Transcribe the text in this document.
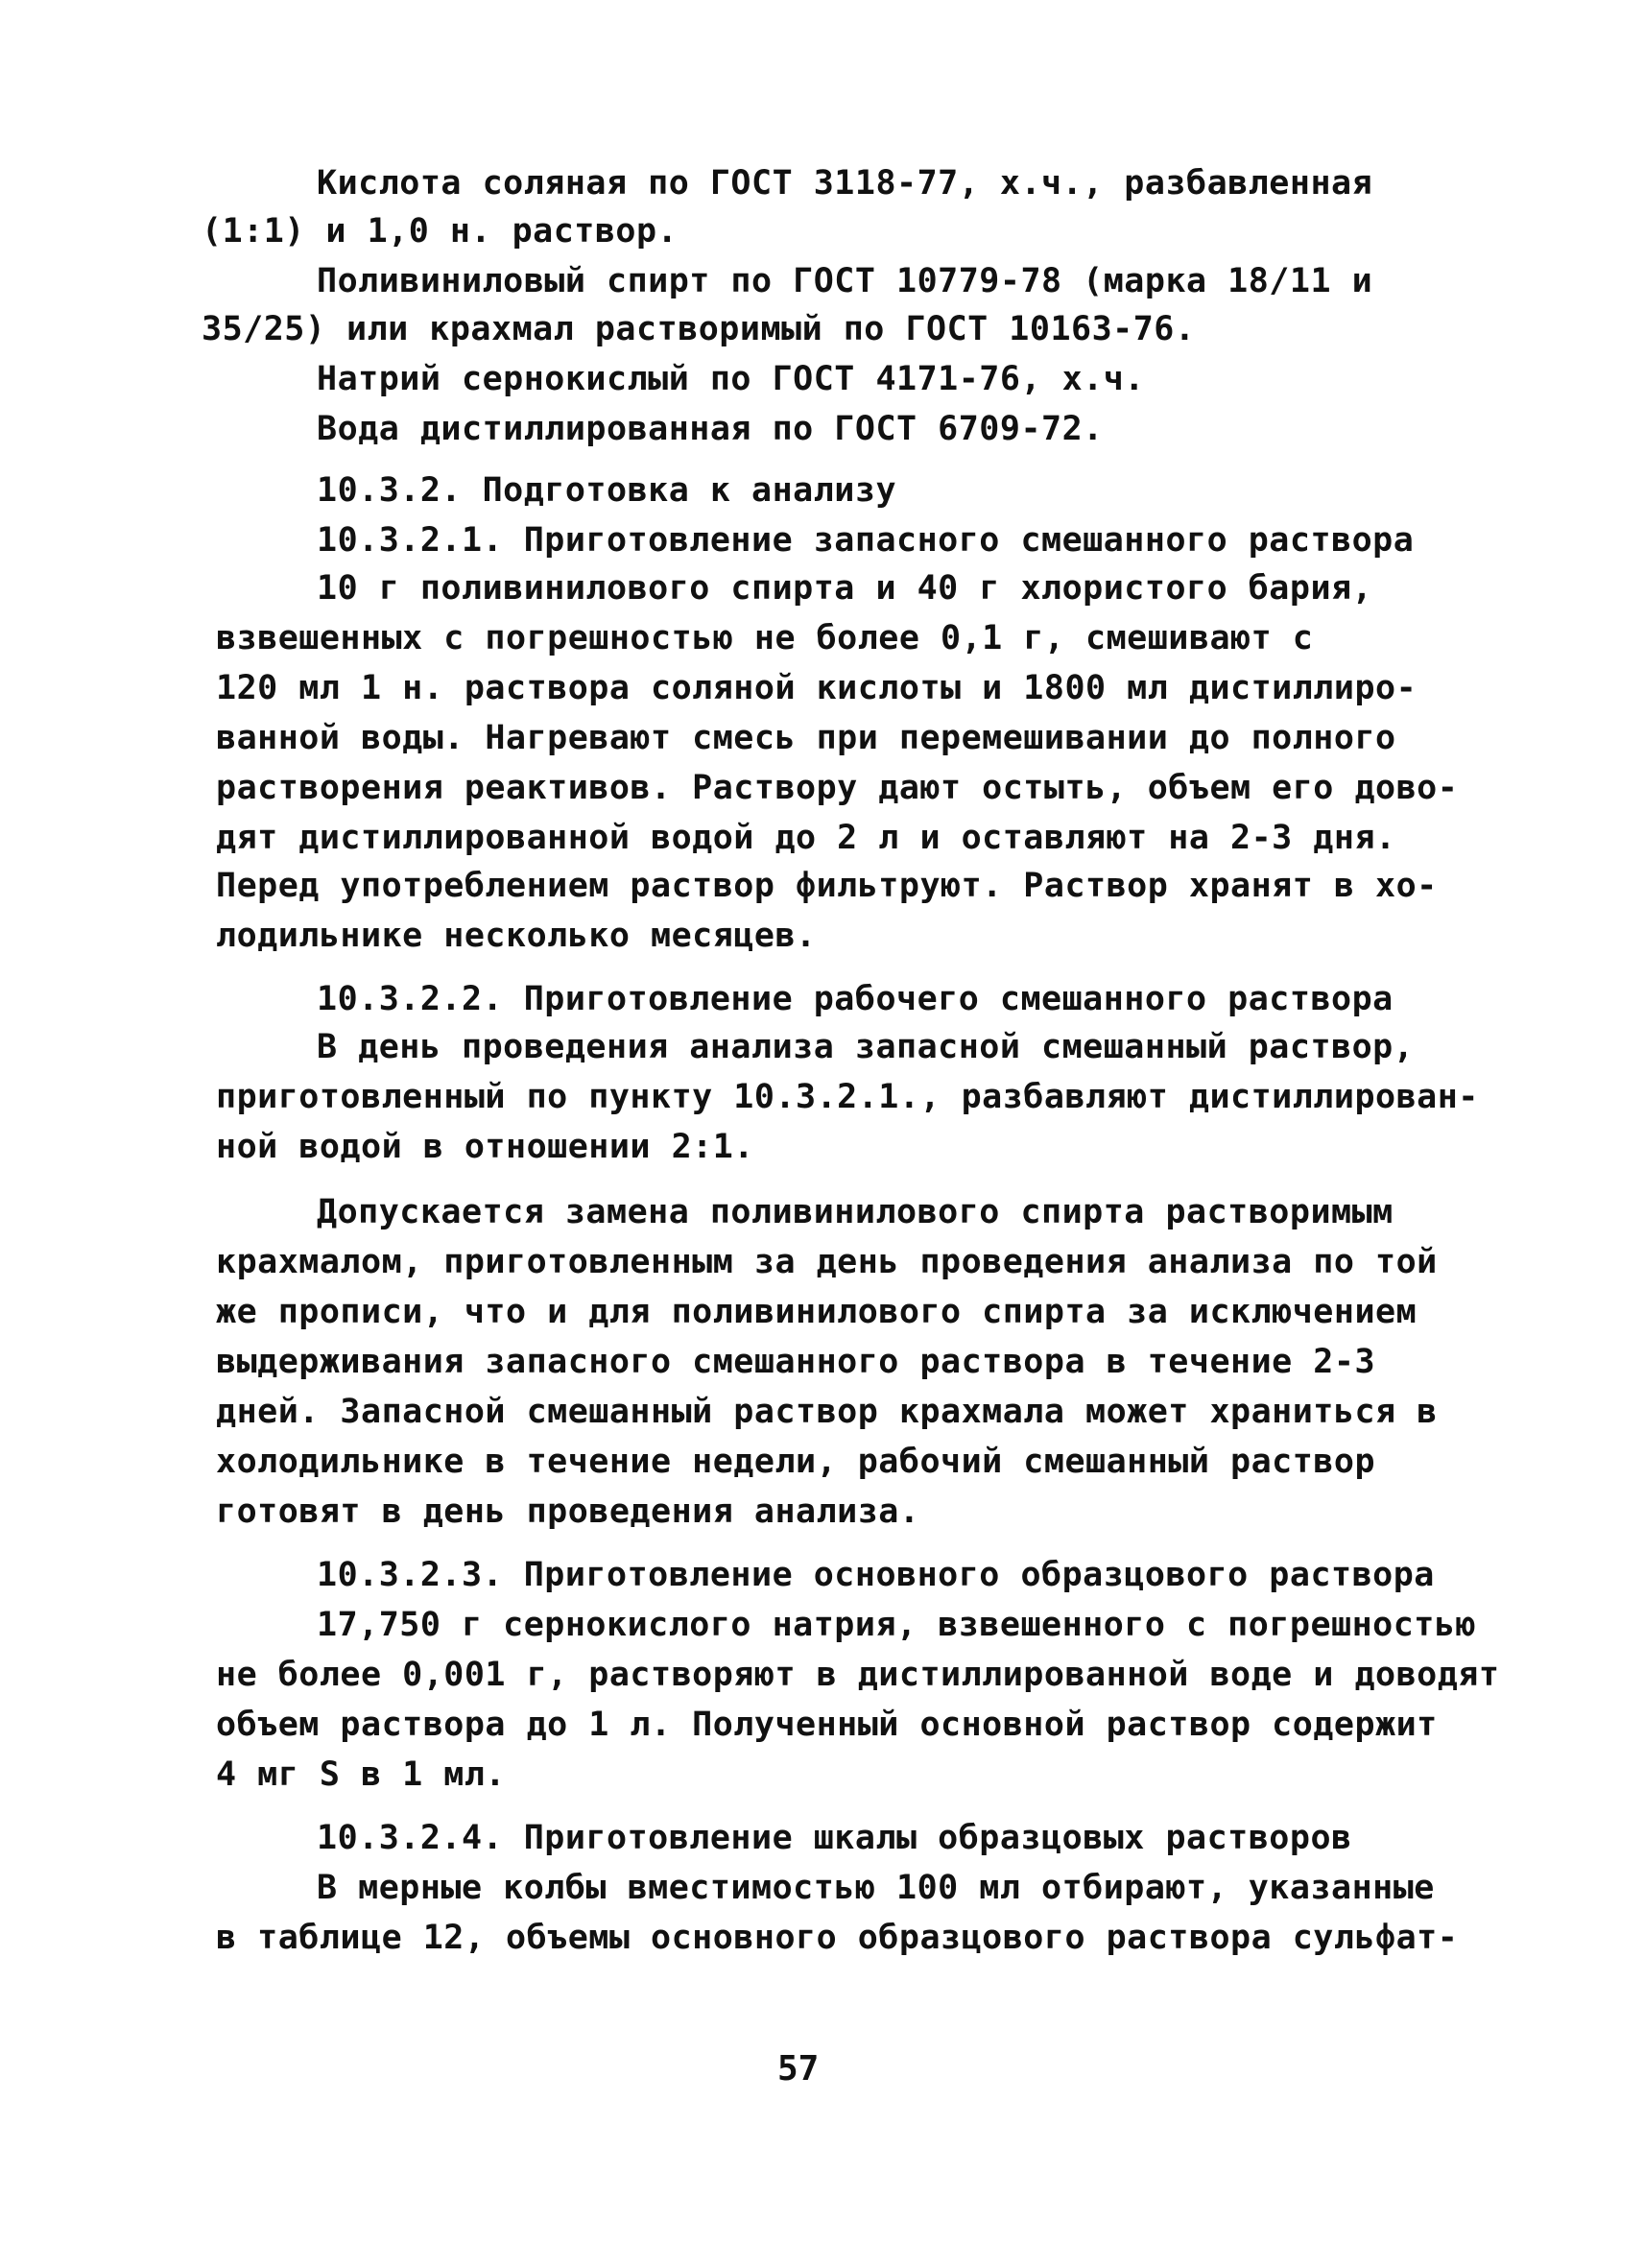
Кислота соляная по ГОСТ 3118-77, х.ч., разбавленная
(1:1) и 1,0 н. раствор.
Поливиниловый спирт по ГОСТ 10779-78 (марка 18/11 и
35/25) или крахмал растворимый по ГОСТ 10163-76.
Натрий сернокислый по ГОСТ 4171-76, х.ч.
Вода дистиллированная по ГОСТ 6709-72.
10.3.2. Подготовка к анализу
10.3.2.1. Приготовление запасного смешанного раствора
10 г поливинилового спирта и 40 г хлористого бария,
взвешенных с погрешностью не более 0,1 г, смешивают с
120 мл 1 н. раствора соляной кислоты и 1800 мл дистиллиро-
ванной воды. Нагревают смесь при перемешивании до полного
растворения реактивов. Раствору дают остыть, объем его дово-
дят дистиллированной водой до 2 л и оставляют на 2-3 дня.
Перед употреблением раствор фильтруют. Раствор хранят в хо-
лодильнике несколько месяцев.
10.3.2.2. Приготовление рабочего смешанного раствора
В день проведения анализа запасной смешанный раствор,
приготовленный по пункту 10.3.2.1., разбавляют дистиллирован-
ной водой в отношении 2:1.
Допускается замена поливинилового спирта растворимым
крахмалом, приготовленным за день проведения анализа по той
же прописи, что и для поливинилового спирта за исключением
выдерживания запасного смешанного раствора в течение 2-3
дней. Запасной смешанный раствор крахмала может храниться в
холодильнике в течение недели, рабочий смешанный раствор
готовят в день проведения анализа.
10.3.2.3. Приготовление основного образцового раствора
17,750 г сернокислого натрия, взвешенного с погрешностью
не более 0,001 г, растворяют в дистиллированной воде и доводят
объем раствора до 1 л. Полученный основной раствор содержит
4 мг S в 1 мл.
10.3.2.4. Приготовление шкалы образцовых растворов
В мерные колбы вместимостью 100 мл отбирают, указанные
в таблице 12, объемы основного образцового раствора сульфат-
57
